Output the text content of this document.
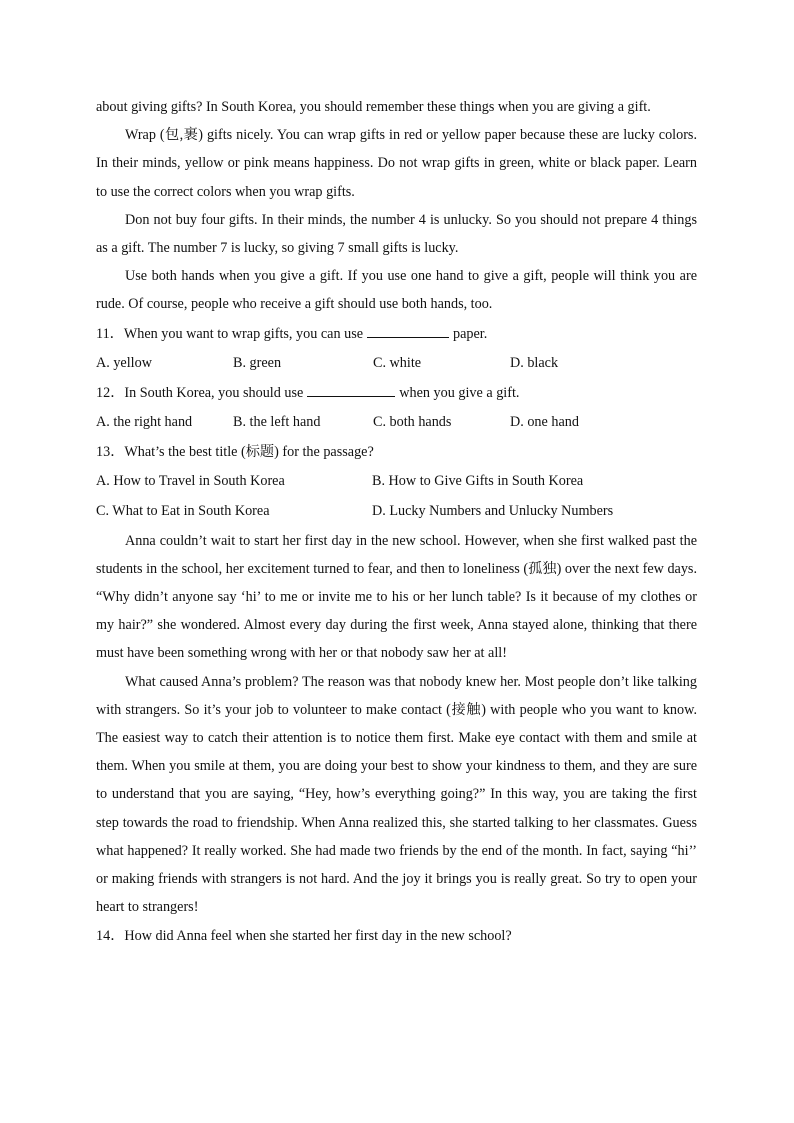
about giving gifts? In South Korea, you should remember these things when you are giving a gift.

Wrap (包,裹) gifts nicely. You can wrap gifts in red or yellow paper because these are lucky colors. In their minds, yellow or pink means happiness. Do not wrap gifts in green, white or black paper. Learn to use the correct colors when you wrap gifts.

Don not buy four gifts. In their minds, the number 4 is unlucky. So you should not prepare 4 things as a gift. The number 7 is lucky, so giving 7 small gifts is lucky.

Use both hands when you give a gift. If you use one hand to give a gift, people will think you are rude. Of course, people who receive a gift should use both hands, too.

11．When you want to wrap gifts, you can use	paper.

A. yellow	B. green	C. white	D. black

12．In South Korea, you should use	when you give a gift.

A. the right hand	B. the left hand	C. both hands	D. one hand

13．What’s the best title (标题) for the passage?

A. How to Travel in South Korea	B. How to Give Gifts in South Korea
C. What to Eat in South Korea	D. Lucky Numbers and Unlucky Numbers

Anna couldn’t wait to start her first day in the new school. However, when she first walked past the students in the school, her excitement turned to fear, and then to loneliness (孤独) over the next few days. “Why didn’t anyone say ‘hi’ to me or invite me to his or her lunch table? Is it because of my clothes or my hair?” she wondered. Almost every day during the first week, Anna stayed alone, thinking that there must have been something wrong with her or that nobody saw her at all!

What caused Anna’s problem? The reason was that nobody knew her. Most people don’t like talking with strangers. So it’s your job to volunteer to make contact (接触) with people who you want to know. The easiest way to catch their attention is to notice them first. Make eye contact with them and smile at them. When you smile at them, you are doing your best to show your kindness to them, and they are sure to understand that you are saying, “Hey, how’s everything going?” In this way, you are taking the first step towards the road to friendship. When Anna realized this, she started talking to her classmates. Guess what happened? It really worked. She had made two friends by the end of the month. In fact, saying “hi’’ or making friends with strangers is not hard. And the joy it brings you is really great. So try to open your heart to strangers!

14．How did Anna feel when she started her first day in the new school?
